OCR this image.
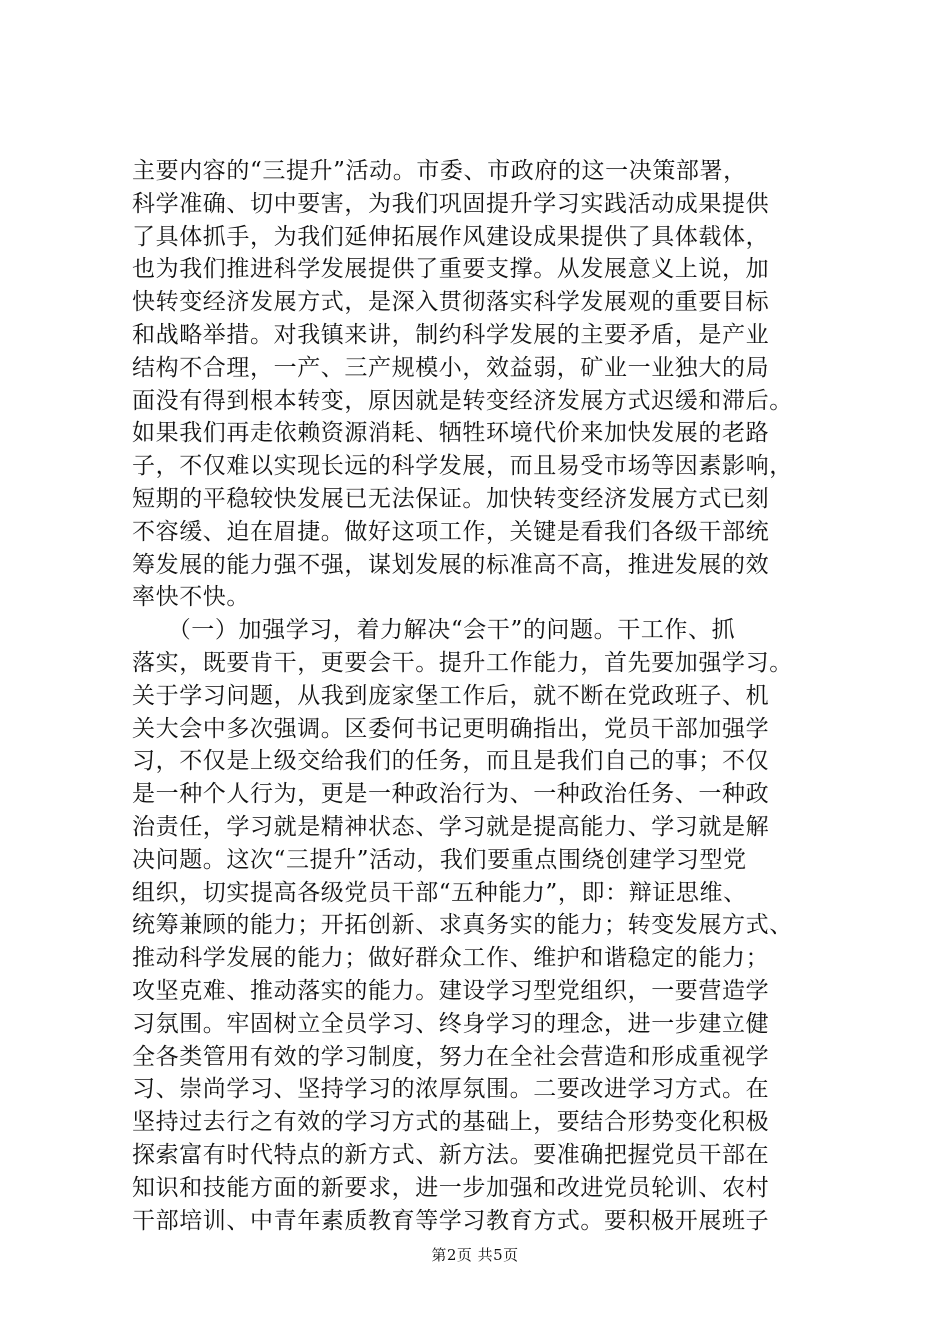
主要内容的“三提升”活动。市委、市政府的这一决策部署，
科学准确、切中要害，为我们巩固提升学习实践活动成果提供
了具体抓手，为我们延伸拓展作风建设成果提供了具体载体，
也为我们推进科学发展提供了重要支撑。从发展意义上说，加
快转变经济发展方式，是深入贯彻落实科学发展观的重要目标
和战略举措。对我镇来讲，制约科学发展的主要矛盾，是产业
结构不合理，一产、三产规模小，效益弱，矿业一业独大的局
面没有得到根本转变，原因就是转变经济发展方式迟缓和滞后。
如果我们再走依赖资源消耗、牺牲环境代价来加快发展的老路
子，不仅难以实现长远的科学发展，而且易受市场等因素影响，
短期的平稳较快发展已无法保证。加快转变经济发展方式已刻
不容缓、迫在眉捷。做好这项工作，关键是看我们各级干部统
筹发展的能力强不强，谋划发展的标准高不高，推进发展的效
率快不快。
　　（一）加强学习，着力解决“会干”的问题。干工作、抓
落实，既要肯干，更要会干。提升工作能力，首先要加强学习。
关于学习问题，从我到庞家堡工作后，就不断在党政班子、机
关大会中多次强调。区委何书记更明确指出，党员干部加强学
习，不仅是上级交给我们的任务，而且是我们自己的事；不仅
是一种个人行为，更是一种政治行为、一种政治任务、一种政
治责任，学习就是精神状态、学习就是提高能力、学习就是解
决问题。这次“三提升”活动，我们要重点围绕创建学习型党
组织，切实提高各级党员干部“五种能力”，即：辩证思维、
统筹兼顾的能力；开拓创新、求真务实的能力；转变发展方式、
推动科学发展的能力；做好群众工作、维护和谐稳定的能力；
攻坚克难、推动落实的能力。建设学习型党组织，一要营造学
习氛围。牢固树立全员学习、终身学习的理念，进一步建立健
全各类管用有效的学习制度，努力在全社会营造和形成重视学
习、崇尚学习、坚持学习的浓厚氛围。二要改进学习方式。在
坚持过去行之有效的学习方式的基础上，要结合形势变化积极
探索富有时代特点的新方式、新方法。要准确把握党员干部在
知识和技能方面的新要求，进一步加强和改进党员轮训、农村
干部培训、中青年素质教育等学习教育方式。要积极开展班子
第2页 共5页
